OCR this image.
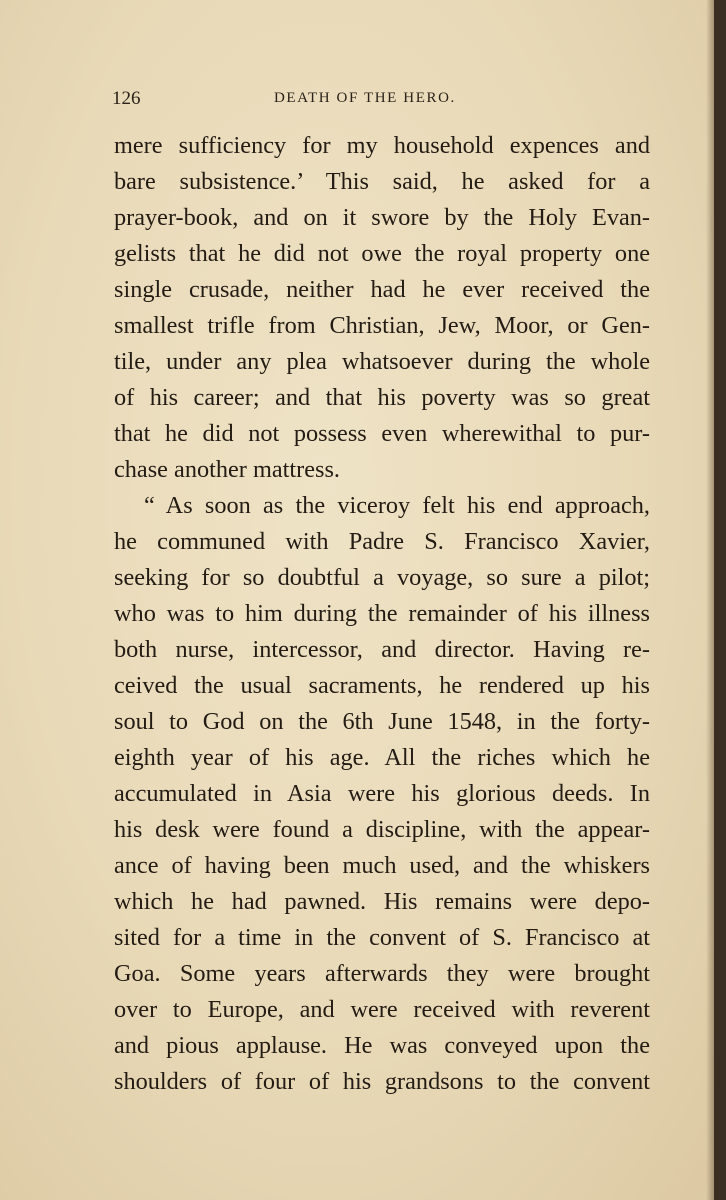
126	DEATH OF THE HERO.
mere sufficiency for my household expences and
bare subsistence.’ This said, he asked for a
prayer-book, and on it swore by the Holy Evan-
gelists that he did not owe the royal property one
single crusade, neither had he ever received the
smallest trifle from Christian, Jew, Moor, or Gen-
tile, under any plea whatsoever during the whole
of his career; and that his poverty was so great
that he did not possess even wherewithal to pur-
chase another mattress.
“ As soon as the viceroy felt his end approach,
he communed with Padre S. Francisco Xavier,
seeking for so doubtful a voyage, so sure a pilot;
who was to him during the remainder of his illness
both nurse, intercessor, and director. Having re-
ceived the usual sacraments, he rendered up his
soul to God on the 6th June 1548, in the forty-
eighth year of his age. All the riches which he
accumulated in Asia were his glorious deeds. In
his desk were found a discipline, with the appear-
ance of having been much used, and the whiskers
which he had pawned. His remains were depo-
sited for a time in the convent of S. Francisco at
Goa. Some years afterwards they were brought
over to Europe, and were received with reverent
and pious applause. He was conveyed upon the
shoulders of four of his grandsons to the convent
